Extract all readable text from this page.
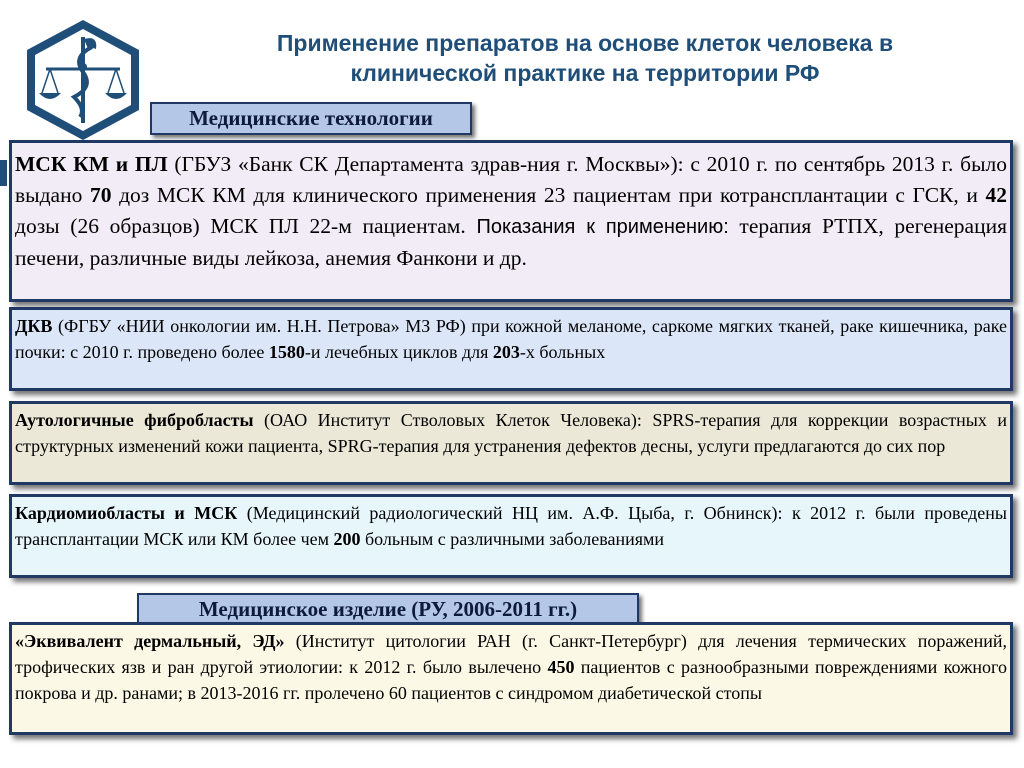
Применение препаратов на основе клеток человека в
клинической практике на территории РФ
Медицинские технологии
МСК КМ и ПЛ (ГБУЗ «Банк СК Департамента здрав-ния г. Москвы»): с 2010 г. по сентябрь 2013 г. было выдано 70 доз МСК КМ для клинического применения 23 пациентам при котрансплантации с ГСК, и 42 дозы (26 образцов) МСК ПЛ 22-м пациентам. Показания к применению: терапия РТПХ, регенерация печени, различные виды лейкоза, анемия Фанкони и др.
ДКВ (ФГБУ «НИИ онкологии им. Н.Н. Петрова» МЗ РФ) при кожной меланоме, саркоме мягких тканей, раке кишечника, раке почки: с 2010 г. проведено более 1580-и лечебных циклов для 203-х больных
Аутологичные фибробласты (ОАО Институт Стволовых Клеток Человека): SPRS-терапия для коррекции возрастных и структурных изменений кожи пациента, SPRG-терапия для устранения дефектов десны, услуги предлагаются до сих пор
Кардиомиобласты и МСК (Медицинский радиологический НЦ им. А.Ф. Цыба, г. Обнинск): к 2012 г. были проведены трансплантации МСК или КМ более чем 200 больным с различными заболеваниями
Медицинское изделие (РУ, 2006-2011 гг.)
«Эквивалент дермальный, ЭД» (Институт цитологии РАН (г. Санкт-Петербург) для лечения термических поражений, трофических язв и ран другой этиологии: к 2012 г. было вылечено 450 пациентов с разнообразными повреждениями кожного покрова и др. ранами; в 2013-2016 гг. пролечено 60 пациентов с синдромом диабетической стопы
